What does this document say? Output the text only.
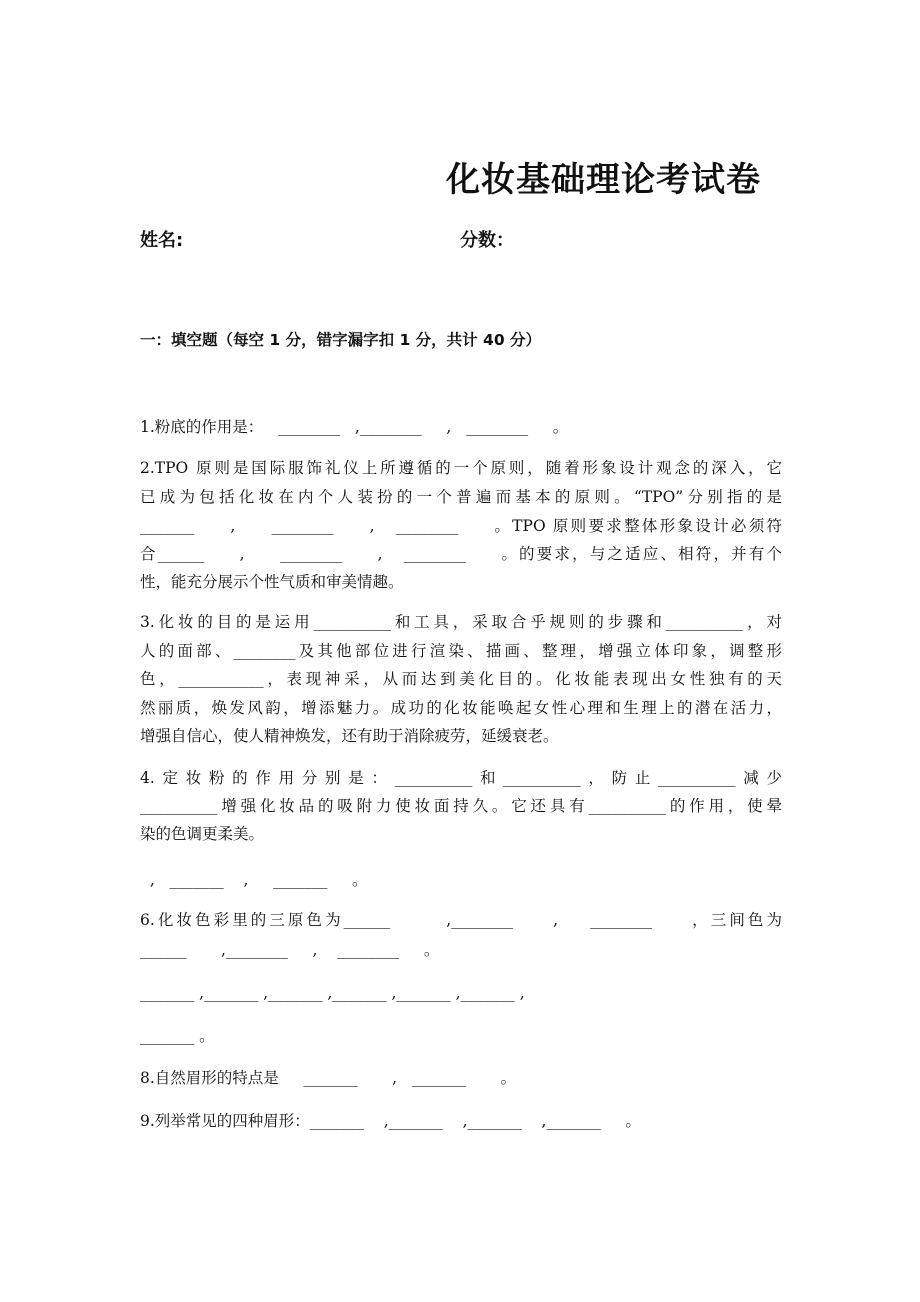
化妆基础理论考试卷
姓名:	分数：
一：填空题（每空 1 分，错字漏字扣 1 分，共计 40 分）
1.粉底的作用是：   ________   ,________     ,   ________     。
2.TPO 原则是国际服饰礼仪上所遵循的一个原则，随着形象设计观念的深入，它
已成为包括化妆在内个人装扮的一个普遍而基本的原则。“TPO”分别指的是
_______     ,     ________     ,   ________     。TPO 原则要求整体形象设计必须符
合______     ,     ________     ,   ________     。的要求，与之适应、相符，并有个
性，能充分展示个性气质和审美情趣。
3.化妆的目的是运用__________和工具，采取合乎规则的步骤和__________，对
人的面部、________及其他部位进行渲染、描画、整理，增强立体印象，调整形
色，___________，表现神采，从而达到美化目的。化妆能表现出女性独有的天
然丽质，焕发风韵，增添魅力。成功的化妆能唤起女性心理和生理上的潜在活力，
增强自信心，使人精神焕发，还有助于消除疲劳，延缓衰老。
4.定妆粉的作用分别是：__________和__________，防止__________减少
__________增强化妆品的吸附力使妆面持久。它还具有__________的作用，使晕
染的色调更柔美。
,   _______    ,     _______     。
6.化妆色彩里的三原色为______       ,________     ,    ________     ，三间色为
______       ,________     ,    ________     。
_______ ,_______ ,_______ ,_______ ,_______ ,_______ ,
_______ 。
8.自然眉形的特点是     _______       ,   _______       。
9.列举常见的四种眉形：_______    ,_______    ,_______    ,_______     。
